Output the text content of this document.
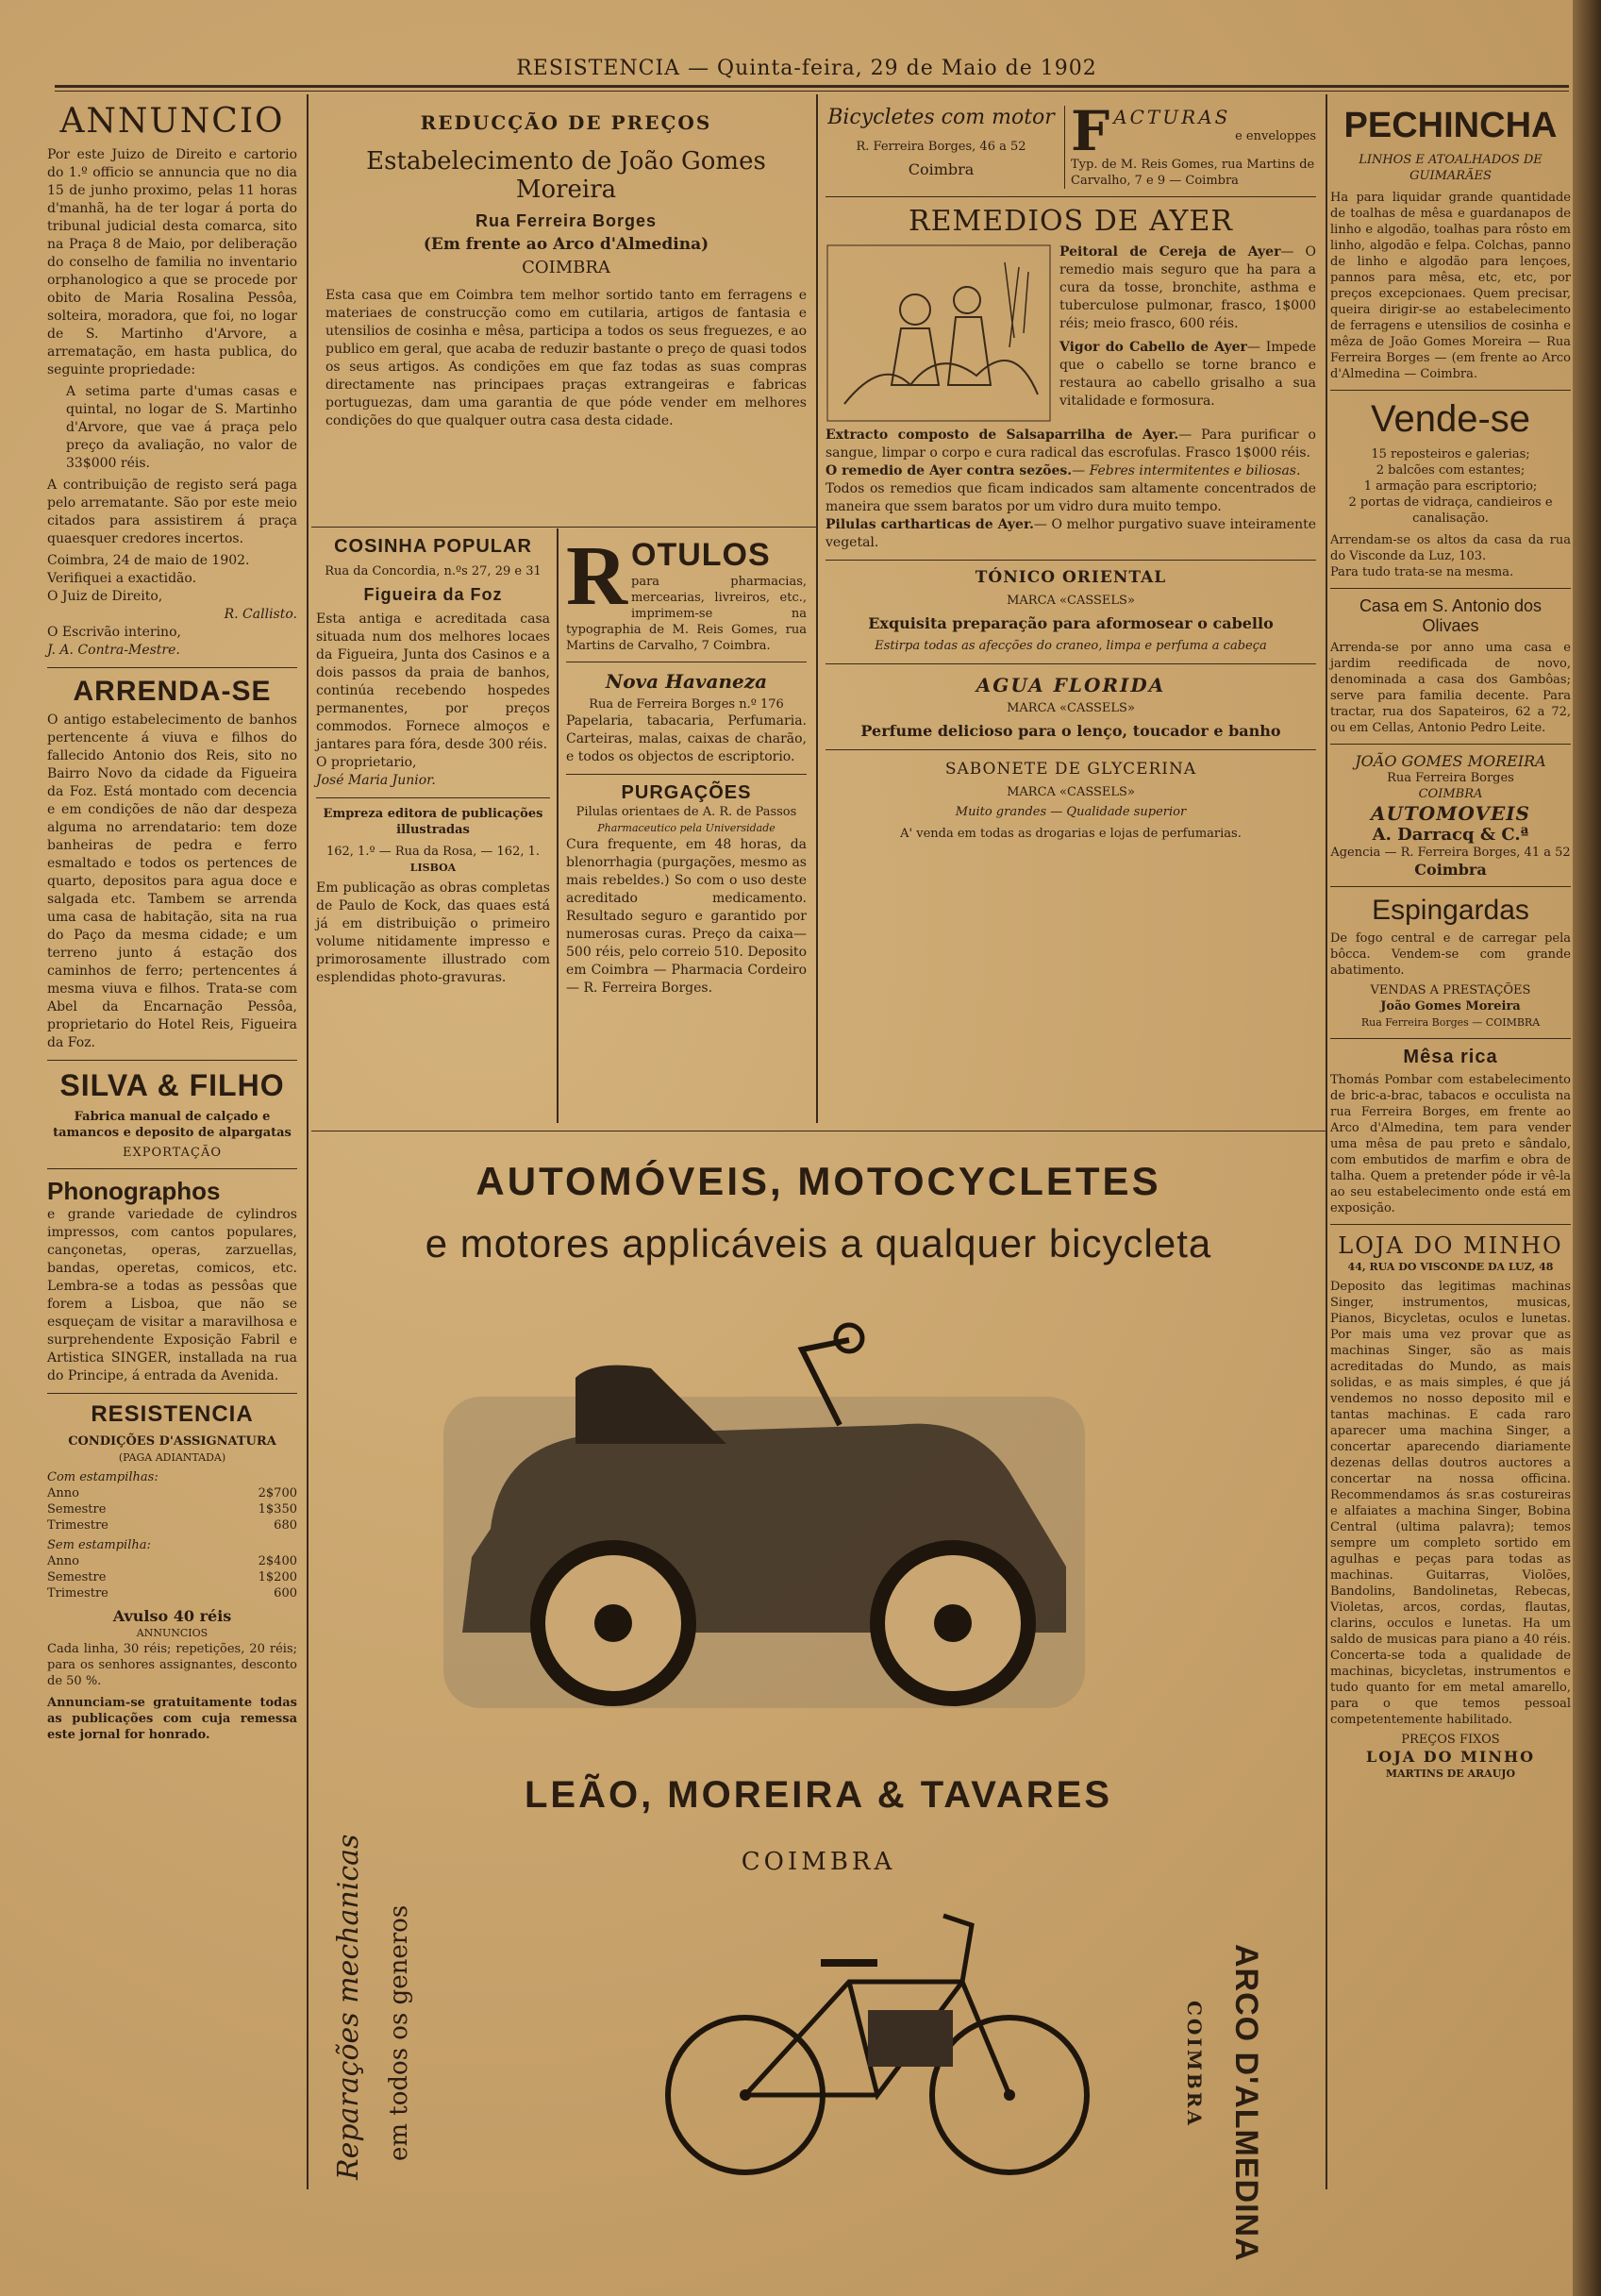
RESISTENCIA — Quinta-feira, 29 de Maio de 1902
ANNUNCIO
Por este Juizo de Direito e cartorio do 1.º officio se annuncia que no dia 15 de junho proximo, pelas 11 horas d'manhã, ha de ter logar á porta do tribunal judicial desta comarca, sito na Praça 8 de Maio, por deliberação do conselho de familia no inventario orphanologico a que se procede por obito de Maria Rosalina Pessôa, solteira, moradora, que foi, no logar de S. Martinho d'Arvore, a arrematação, em hasta publica, do seguinte propriedade:
A setima parte d'umas casas e quintal, no logar de S. Martinho d'Arvore, que vae á praça pelo preço da avaliação, no valor de 33$000 réis.
A contribuição de registo será paga pelo arrematante. São por este meio citados para assistirem á praça quaesquer credores incertos.
Coimbra, 24 de maio de 1902.
Verifiquei a exactidão.
O Juiz de Direito,
R. Callisto.
O Escrivão interino,
J. A. Contra-Mestre.
ARRENDA-SE
O antigo estabelecimento de banhos pertencente á viuva e filhos do fallecido Antonio dos Reis, sito no Bairro Novo da cidade da Figueira da Foz. Está montado com decencia e em condições de não dar despeza alguma no arrendatario: tem doze banheiras de pedra e ferro esmaltado e todos os pertences de quarto, depositos para agua doce e salgada etc. Tambem se arrenda uma casa de habitação, sita na rua do Paço da mesma cidade; e um terreno junto á estação dos caminhos de ferro; pertencentes á mesma viuva e filhos. Trata-se com Abel da Encarnação Pessôa, proprietario do Hotel Reis, Figueira da Foz.
SILVA & FILHO
Fabrica manual de calçado e tamancos e deposito de alpargatas
EXPORTAÇÃO
Phonographos
e grande variedade de cylindros impressos, com cantos populares, cançonetas, operas, zarzuellas, bandas, operetas, comicos, etc. Lembra-se a todas as pessôas que forem a Lisboa, que não se esqueçam de visitar a maravilhosa e surprehendente Exposição Fabril e Artistica SINGER, installada na rua do Principe, á entrada da Avenida.
RESISTENCIA
CONDIÇÕES D'ASSIGNATURA
(PAGA ADIANTADA)
Com estampilhas:
Anno	2$700
Semestre	1$350
Trimestre	680
Sem estampilha:
Anno	2$400
Semestre	1$200
Trimestre	600
Avulso 40 réis
ANNUNCIOS
Cada linha, 30 réis; repetições, 20 réis; para os senhores assignantes, desconto de 50 %.
Annunciam-se gratuitamente todas as publicações com cuja remessa este jornal for honrado.
REDUCÇÃO DE PREÇOS
Estabelecimento de João Gomes Moreira
Rua Ferreira Borges
(Em frente ao Arco d'Almedina)
COIMBRA
Esta casa que em Coimbra tem melhor sortido tanto em ferragens e materiaes de construcção como em cutilaria, artigos de fantasia e utensilios de cosinha e mêsa, participa a todos os seus freguezes, e ao publico em geral, que acaba de reduzir bastante o preço de quasi todos os seus artigos. As condições em que faz todas as suas compras directamente nas principaes praças extrangeiras e fabricas portuguezas, dam uma garantia de que póde vender em melhores condições do que qualquer outra casa desta cidade.
COSINHA POPULAR
Rua da Concordia, n.ºs 27, 29 e 31
Figueira da Foz
Esta antiga e acreditada casa situada num dos melhores locaes da Figueira, Junta dos Casinos e a dois passos da praia de banhos, continúa recebendo hospedes permanentes, por preços commodos. Fornece almoços e jantares para fóra, desde 300 réis.
O proprietario,
José Maria Junior.
Empreza editora de publicações illustradas
162, 1.º — Rua da Rosa, — 162, 1.
LISBOA
Em publicação as obras completas de Paulo de Kock, das quaes está já em distribuição o primeiro volume nitidamente impresso e primorosamente illustrado com esplendidas photo-gravuras.
R OTULOS
para pharmacias, mercearias, livreiros, etc., imprimem-se na typographia de M. Reis Gomes, rua Martins de Carvalho, 7 Coimbra.
Nova Havaneza
Rua de Ferreira Borges n.º 176
Papelaria, tabacaria, Perfumaria. Carteiras, malas, caixas de charão, e todos os objectos de escriptorio.
PURGAÇÕES
Pilulas orientaes de A. R. de Passos
Pharmaceutico pela Universidade
Cura frequente, em 48 horas, da blenorrhagia (purgações, mesmo as mais rebeldes.) So com o uso deste acreditado medicamento. Resultado seguro e garantido por numerosas curas. Preço da caixa—500 réis, pelo correio 510. Deposito em Coimbra — Pharmacia Cordeiro — R. Ferreira Borges.
Bicycletes com motor
R. Ferreira Borges, 46 a 52
Coimbra
F ACTURAS
e enveloppes
Typ. de M. Reis Gomes, rua Martins de Carvalho, 7 e 9 — Coimbra
REMEDIOS DE AYER
Peitoral de Cereja de Ayer— O remedio mais seguro que ha para a cura da tosse, bronchite, asthma e tuberculose pulmonar, frasco, 1$000 réis; meio frasco, 600 réis.
Vigor do Cabello de Ayer— Impede que o cabello se torne branco e restaura ao cabello grisalho a sua vitalidade e formosura.
Extracto composto de Salsaparrilha de Ayer.— Para purificar o sangue, limpar o corpo e cura radical das escrofulas. Frasco 1$000 réis.
O remedio de Ayer contra sezões.— Febres intermitentes e biliosas.
Todos os remedios que ficam indicados sam altamente concentrados de maneira que ssem baratos por um vidro dura muito tempo.
Pilulas cartharticas de Ayer.— O melhor purgativo suave inteiramente vegetal.
TÓNICO ORIENTAL
MARCA «CASSELS»
Exquisita preparação para aformosear o cabello
Estirpa todas as afecções do craneo, limpa e perfuma a cabeça
AGUA FLORIDA
MARCA «CASSELS»
Perfume delicioso para o lenço, toucador e banho
SABONETE DE GLYCERINA
MARCA «CASSELS»
Muito grandes — Qualidade superior
A' venda em todas as drogarias e lojas de perfumarias.
AUTOMÓVEIS, MOTOCYCLETES
e motores applicáveis a qualquer bicycleta
LEÃO, MOREIRA & TAVARES
COIMBRA
Reparações mechanicas em todos os generos	ARCO D'ALMEDINA
COIMBRA
PECHINCHA
LINHOS E ATOALHADOS DE GUIMARÃES
Ha para liquidar grande quantidade de toalhas de mêsa e guardanapos de linho e algodão, toalhas para rôsto em linho, algodão e felpa. Colchas, panno de linho e algodão para lençoes, pannos para mêsa, etc, etc, por preços excepcionaes. Quem precisar, queira dirigir-se ao estabelecimento de ferragens e utensilios de cosinha e mêza de João Gomes Moreira — Rua Ferreira Borges — (em frente ao Arco d'Almedina — Coimbra.
Vende-se
15 reposteiros e galerias;
2 balcões com estantes;
1 armação para escriptorio;
2 portas de vidraça, candieiros e canalisação.
Arrendam-se os altos da casa da rua do Visconde da Luz, 103.
Para tudo trata-se na mesma.
Casa em S. Antonio dos Olivaes
Arrenda-se por anno uma casa e jardim reedificada de novo, denominada a casa dos Gambôas; serve para familia decente. Para tractar, rua dos Sapateiros, 62 a 72, ou em Cellas, Antonio Pedro Leite.
JOÃO GOMES MOREIRA
Rua Ferreira Borges
COIMBRA
AUTOMOVEIS
A. Darracq & C.ª
Agencia — R. Ferreira Borges, 41 a 52
Coimbra
Espingardas
De fogo central e de carregar pela bôcca. Vendem-se com grande abatimento.
VENDAS A PRESTAÇÕES
João Gomes Moreira
Rua Ferreira Borges — COIMBRA
Mêsa rica
Thomás Pombar com estabelecimento de bric-a-brac, tabacos e occulista na rua Ferreira Borges, em frente ao Arco d'Almedina, tem para vender uma mêsa de pau preto e sândalo, com embutidos de marfim e obra de talha. Quem a pretender póde ir vê-la ao seu estabelecimento onde está em exposição.
LOJA DO MINHO
44, RUA DO VISCONDE DA LUZ, 48
Deposito das legitimas machinas Singer, instrumentos, musicas, Pianos, Bicycletas, oculos e lunetas. Por mais uma vez provar que as machinas Singer, são as mais acreditadas do Mundo, as mais solidas, e as mais simples, é que já vendemos no nosso deposito mil e tantas machinas. E cada raro aparecer uma machina Singer, a concertar aparecendo diariamente dezenas dellas doutros auctores a concertar na nossa officina. Recommendamos ás sr.as costureiras e alfaiates a machina Singer, Bobina Central (ultima palavra); temos sempre um completo sortido em agulhas e peças para todas as machinas. Guitarras, Violões, Bandolins, Bandolinetas, Rebecas, Violetas, arcos, cordas, flautas, clarins, occulos e lunetas. Ha um saldo de musicas para piano a 40 réis. Concerta-se toda a qualidade de machinas, bicycletas, instrumentos e tudo quanto for em metal amarello, para o que temos pessoal competentemente habilitado.
PREÇOS FIXOS
LOJA DO MINHO
MARTINS DE ARAUJO
